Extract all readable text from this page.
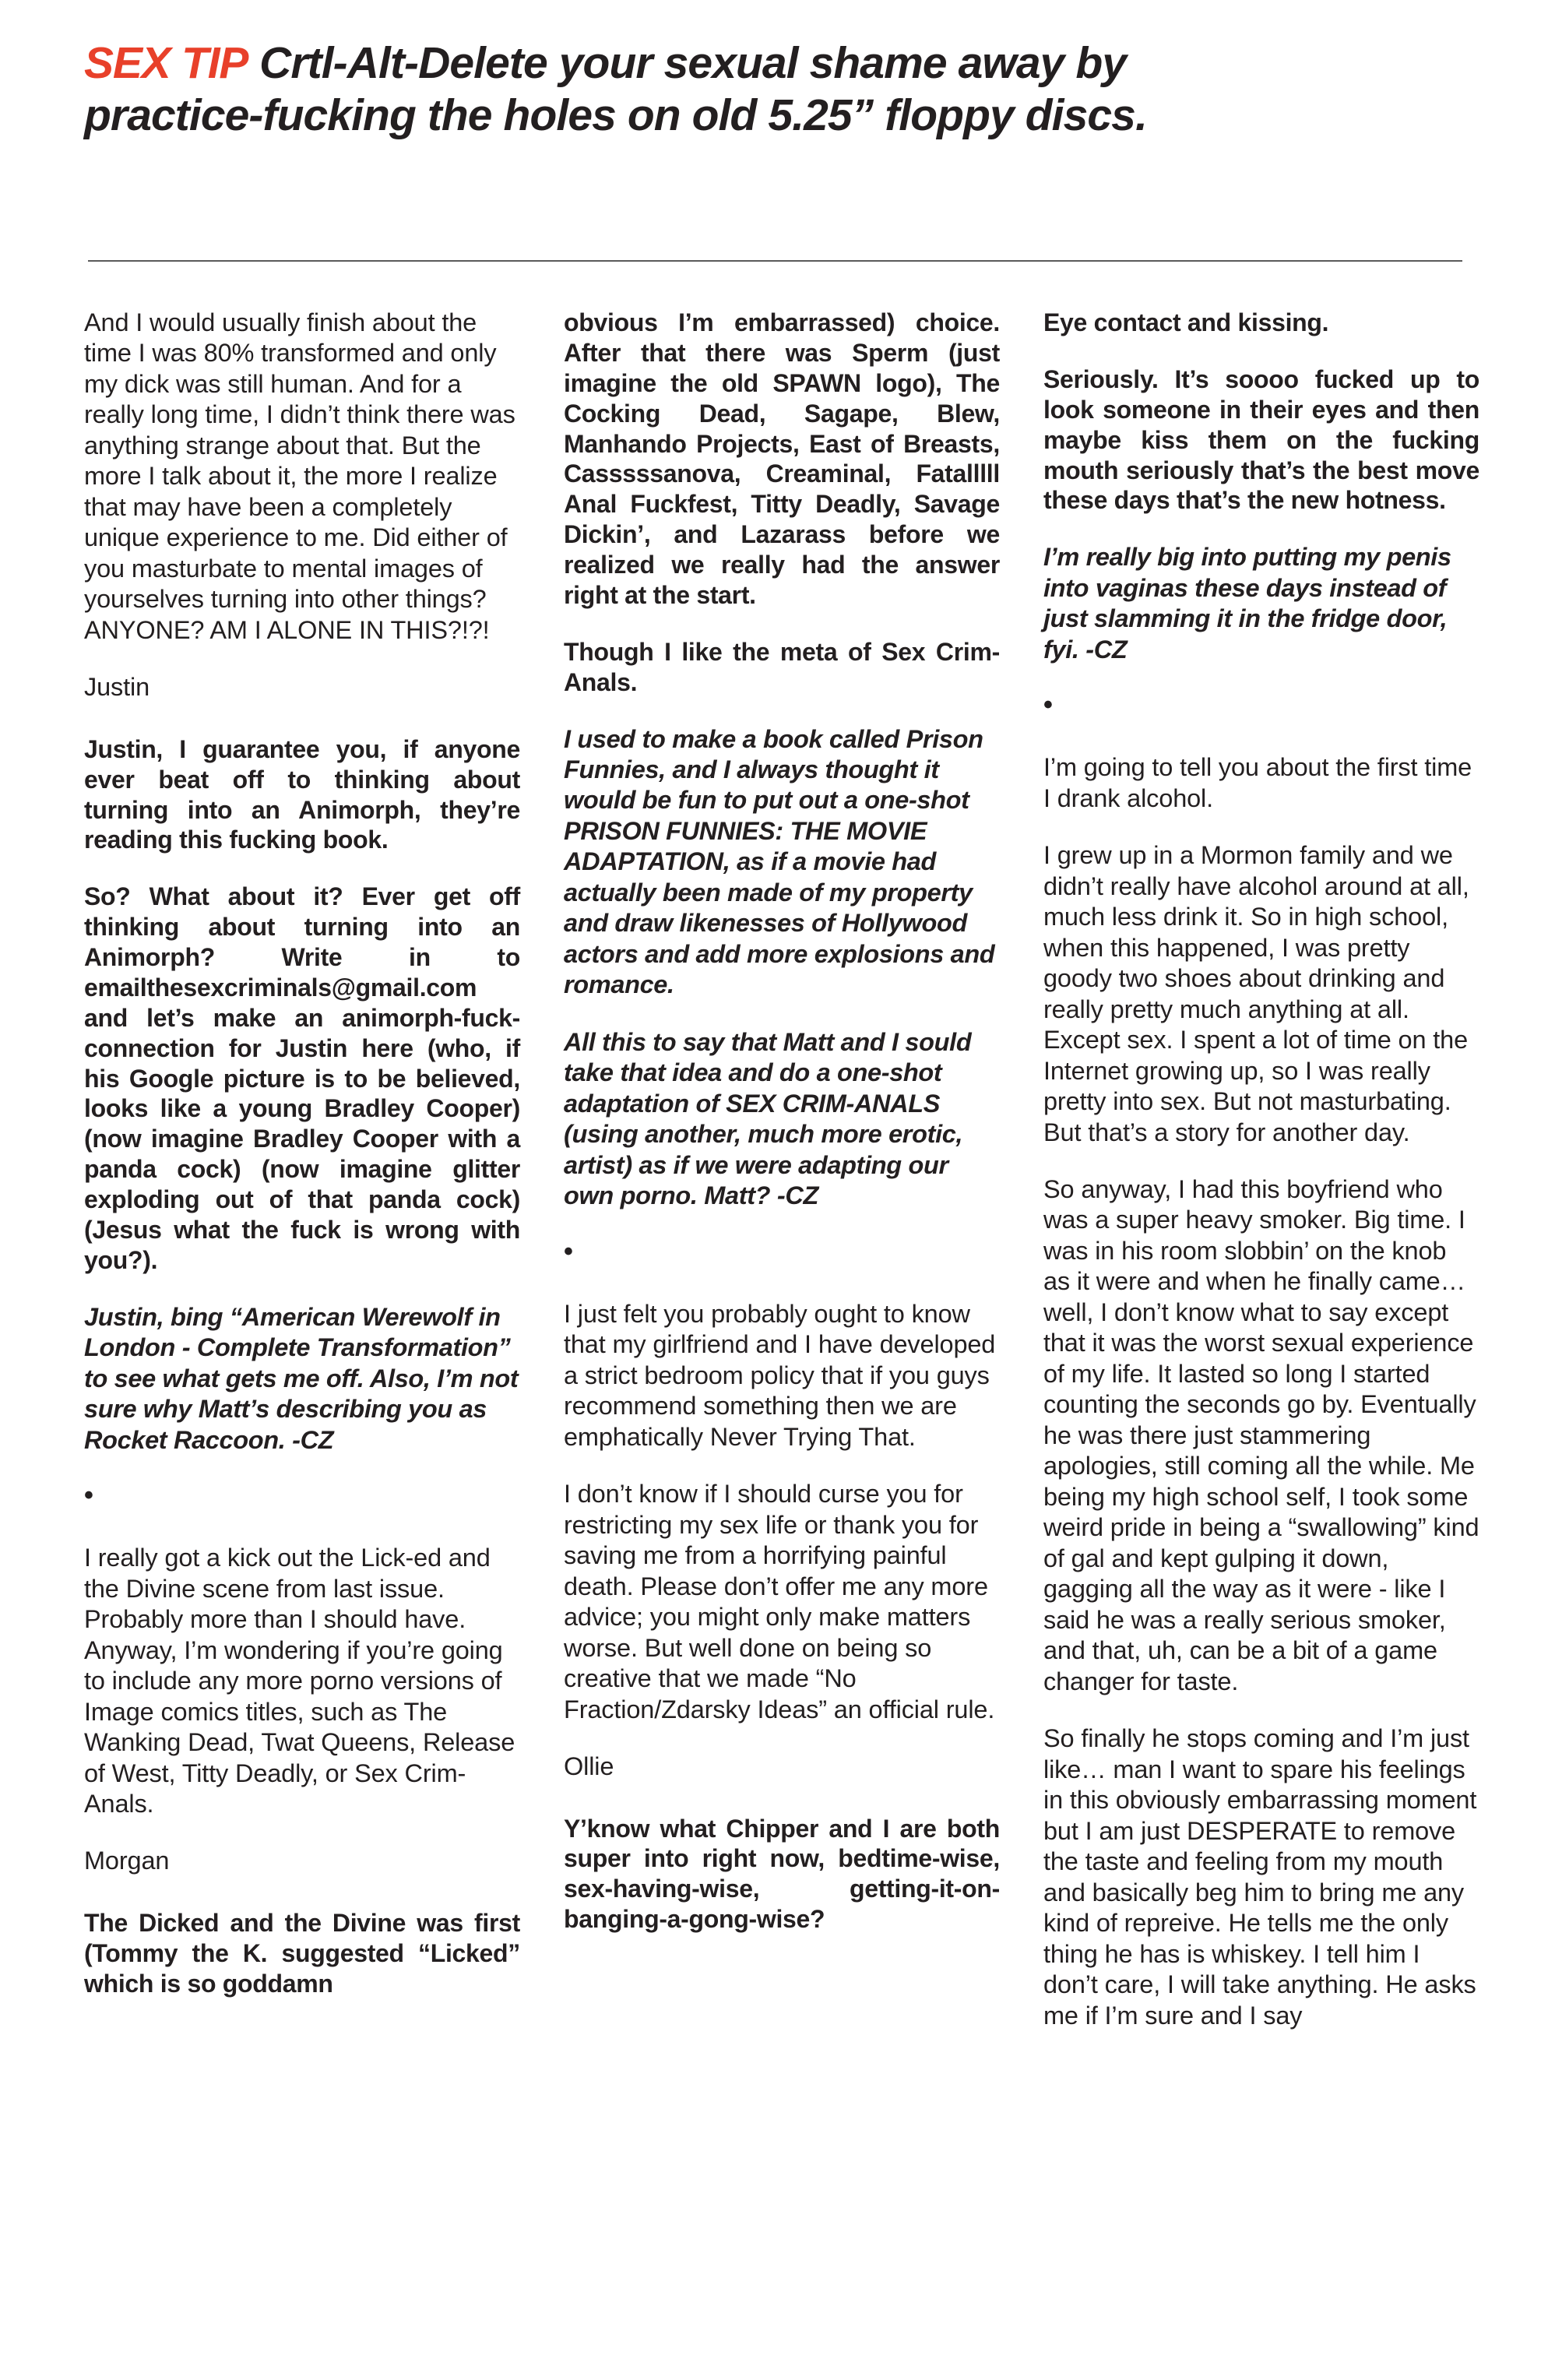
SEX TIP Crtl-Alt-Delete your sexual shame away by
practice-fucking the holes on old 5.25” floppy discs.

And I would usually finish about the time I was 80% transformed and only my dick was still human. And for a really long time, I didn’t think there was anything strange about that. But the more I talk about it, the more I realize that may have been a completely unique experience to me. Did either of you masturbate to mental images of yourselves turning into other things? ANYONE? AM I ALONE IN THIS?!?!

Justin

Justin, I guarantee you, if anyone ever beat off to thinking about turning into an Animorph, they’re reading this fucking book.

So? What about it? Ever get off thinking about turning into an Animorph? Write in to emailthesexcriminals@gmail.com and let’s make an animorph-fuck-connection for Justin here (who, if his Google picture is to be believed, looks like a young Bradley Cooper) (now imagine Bradley Cooper with a panda cock) (now imagine glitter exploding out of that panda cock) (Jesus what the fuck is wrong with you?).

Justin, bing “American Werewolf in London - Complete Transformation” to see what gets me off. Also, I’m not sure why Matt’s describing you as Rocket Raccoon. -CZ

•

I really got a kick out the Lick-ed and the Divine scene from last issue. Probably more than I should have. Anyway, I’m wondering if you’re going to include any more porno versions of Image comics titles, such as The Wanking Dead, Twat Queens, Release of West, Titty Deadly, or Sex Crim-Anals.

Morgan

The Dicked and the Divine was first (Tommy the K. suggested “Licked” which is so goddamn

obvious I’m embarrassed) choice. After that there was Sperm (just imagine the old SPAWN logo), The Cocking Dead, Sagape, Blew, Manhando Projects, East of Breasts, Casssssanova, Creaminal, Fatalllll Anal Fuckfest, Titty Deadly, Savage Dickin’, and Lazarass before we realized we really had the answer right at the start.

Though I like the meta of Sex Crim-Anals.

I used to make a book called Prison Funnies, and I always thought it would be fun to put out a one-shot PRISON FUNNIES: THE MOVIE ADAPTATION, as if a movie had actually been made of my property and draw likenesses of Hollywood actors and add more explosions and romance.

All this to say that Matt and I sould take that idea and do a one-shot adaptation of SEX CRIM-ANALS (using another, much more erotic, artist) as if we were adapting our own porno. Matt? -CZ

•

I just felt you probably ought to know that my girlfriend and I have developed a strict bedroom policy that if you guys recommend something then we are emphatically Never Trying That.

I don’t know if I should curse you for restricting my sex life or thank you for saving me from a horrifying painful death. Please don’t offer me any more advice; you might only make matters worse. But well done on being so creative that we made “No Fraction/Zdarsky Ideas” an official rule.

Ollie

Y’know what Chipper and I are both super into right now, bedtime-wise, sex-having-wise, getting-it-on-banging-a-gong-wise?

Eye contact and kissing.

Seriously. It’s soooo fucked up to look someone in their eyes and then maybe kiss them on the fucking mouth seriously that’s the best move these days that’s the new hotness.

I’m really big into putting my penis into vaginas these days instead of just slamming it in the fridge door, fyi. -CZ

•

I’m going to tell you about the first time I drank alcohol.

I grew up in a Mormon family and we didn’t really have alcohol around at all, much less drink it. So in high school, when this happened, I was pretty goody two shoes about drinking and really pretty much anything at all. Except sex. I spent a lot of time on the Internet growing up, so I was really pretty into sex. But not masturbating. But that’s a story for another day.

So anyway, I had this boyfriend who was a super heavy smoker. Big time. I was in his room slobbin’ on the knob as it were and when he finally came… well, I don’t know what to say except that it was the worst sexual experience of my life. It lasted so long I started counting the seconds go by. Eventually he was there just stammering apologies, still coming all the while. Me being my high school self, I took some weird pride in being a “swallowing” kind of gal and kept gulping it down, gagging all the way as it were - like I said he was a really serious smoker, and that, uh, can be a bit of a game changer for taste.

So finally he stops coming and I’m just like… man I want to spare his feelings in this obviously embarrassing moment but I am just DESPERATE to remove the taste and feeling from my mouth and basically beg him to bring me any kind of repreive. He tells me the only thing he has is whiskey. I tell him I don’t care, I will take anything. He asks me if I’m sure and I say
